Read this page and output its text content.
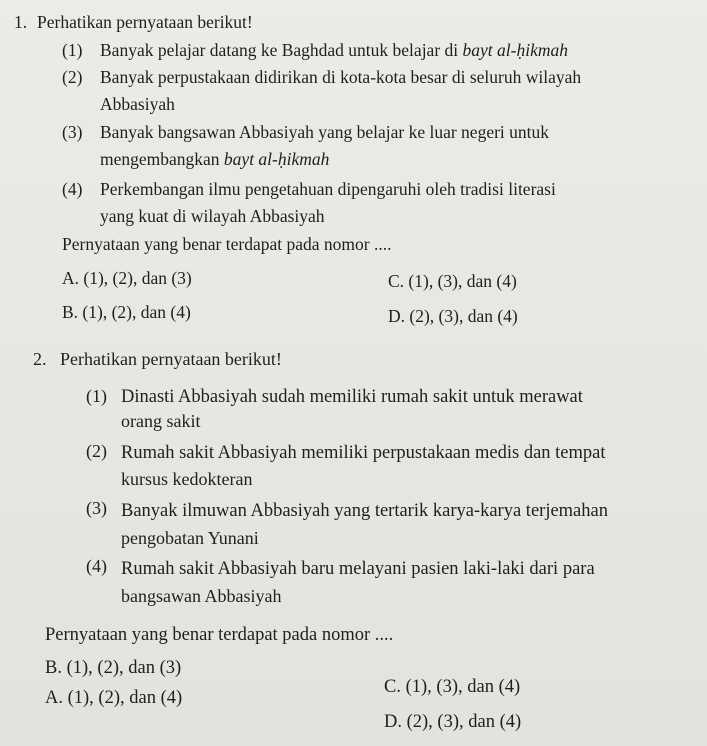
1. Perhatikan pernyataan berikut!
(1) Banyak pelajar datang ke Baghdad untuk belajar di bayt al-ḥikmah
(2) Banyak perpustakaan didirikan di kota-kota besar di seluruh wilayah
Abbasiyah
(3) Banyak bangsawan Abbasiyah yang belajar ke luar negeri untuk
mengembangkan bayt al-ḥikmah
(4) Perkembangan ilmu pengetahuan dipengaruhi oleh tradisi literasi
yang kuat di wilayah Abbasiyah
Pernyataan yang benar terdapat pada nomor ....
A. (1), (2), dan (3)	C. (1), (3), dan (4)
B. (1), (2), dan (4)	D. (2), (3), dan (4)
2. Perhatikan pernyataan berikut!
(1) Dinasti Abbasiyah sudah memiliki rumah sakit untuk merawat
orang sakit
(2) Rumah sakit Abbasiyah memiliki perpustakaan medis dan tempat
kursus kedokteran
(3) Banyak ilmuwan Abbasiyah yang tertarik karya-karya terjemahan
pengobatan Yunani
(4) Rumah sakit Abbasiyah baru melayani pasien laki-laki dari para
bangsawan Abbasiyah
Pernyataan yang benar terdapat pada nomor ....
B. (1), (2), dan (3)
C. (1), (3), dan (4)
A. (1), (2), dan (4)
D. (2), (3), dan (4)
